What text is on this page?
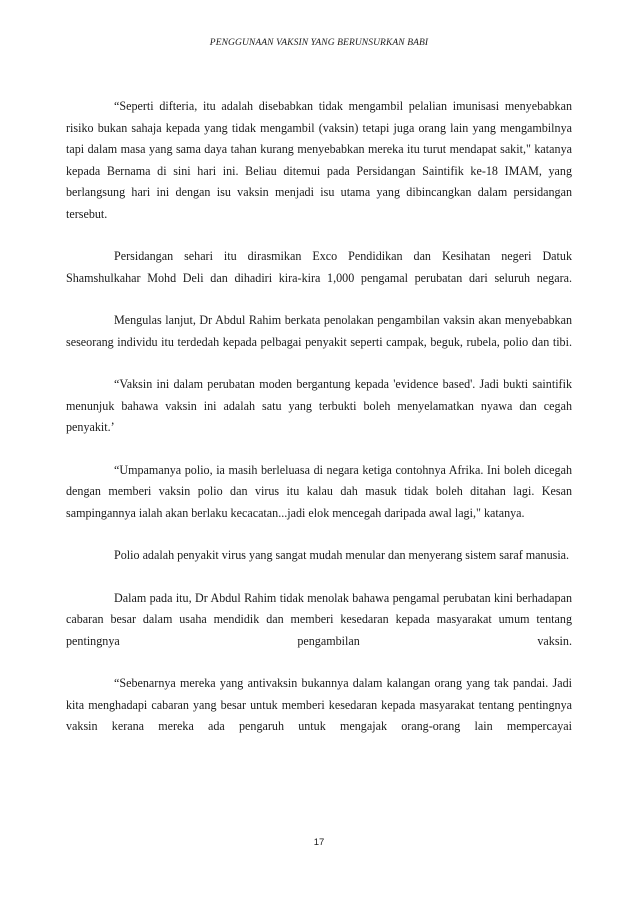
PENGGUNAAN VAKSIN YANG BERUNSURKAN BABI

“Seperti difteria, itu adalah disebabkan tidak mengambil pelalian imunisasi menyebabkan risiko bukan sahaja kepada yang tidak mengambil (vaksin) tetapi juga orang lain yang mengambilnya tapi dalam masa yang sama daya tahan kurang menyebabkan mereka itu turut mendapat sakit," katanya kepada Bernama di sini hari ini. Beliau ditemui pada Persidangan Saintifik ke-18 IMAM, yang berlangsung hari ini dengan isu vaksin menjadi isu utama yang dibincangkan dalam persidangan tersebut.

Persidangan sehari itu dirasmikan Exco Pendidikan dan Kesihatan negeri Datuk Shamshulkahar Mohd Deli dan dihadiri kira-kira 1,000 pengamal perubatan dari seluruh negara.

Mengulas lanjut, Dr Abdul Rahim berkata penolakan pengambilan vaksin akan menyebabkan seseorang individu itu terdedah kepada pelbagai penyakit seperti campak, beguk, rubela, polio dan tibi.

“Vaksin ini dalam perubatan moden bergantung kepada 'evidence based'. Jadi bukti saintifik menunjuk bahawa vaksin ini adalah satu yang terbukti boleh menyelamatkan nyawa dan cegah penyakit.’

“Umpamanya polio, ia masih berleluasa di negara ketiga contohnya Afrika. Ini boleh dicegah dengan memberi vaksin polio dan virus itu kalau dah masuk tidak boleh ditahan lagi. Kesan sampingannya ialah akan berlaku kecacatan...jadi elok mencegah daripada awal lagi," katanya.

Polio adalah penyakit virus yang sangat mudah menular dan menyerang sistem saraf manusia.

Dalam pada itu, Dr Abdul Rahim tidak menolak bahawa pengamal perubatan kini berhadapan cabaran besar dalam usaha mendidik dan memberi kesedaran kepada masyarakat umum tentang pentingnya pengambilan vaksin.

“Sebenarnya mereka yang antivaksin bukannya dalam kalangan orang yang tak pandai. Jadi kita menghadapi cabaran yang besar untuk memberi kesedaran kepada masyarakat tentang pentingnya vaksin kerana mereka ada pengaruh untuk mengajak orang-orang lain mempercayai

17
